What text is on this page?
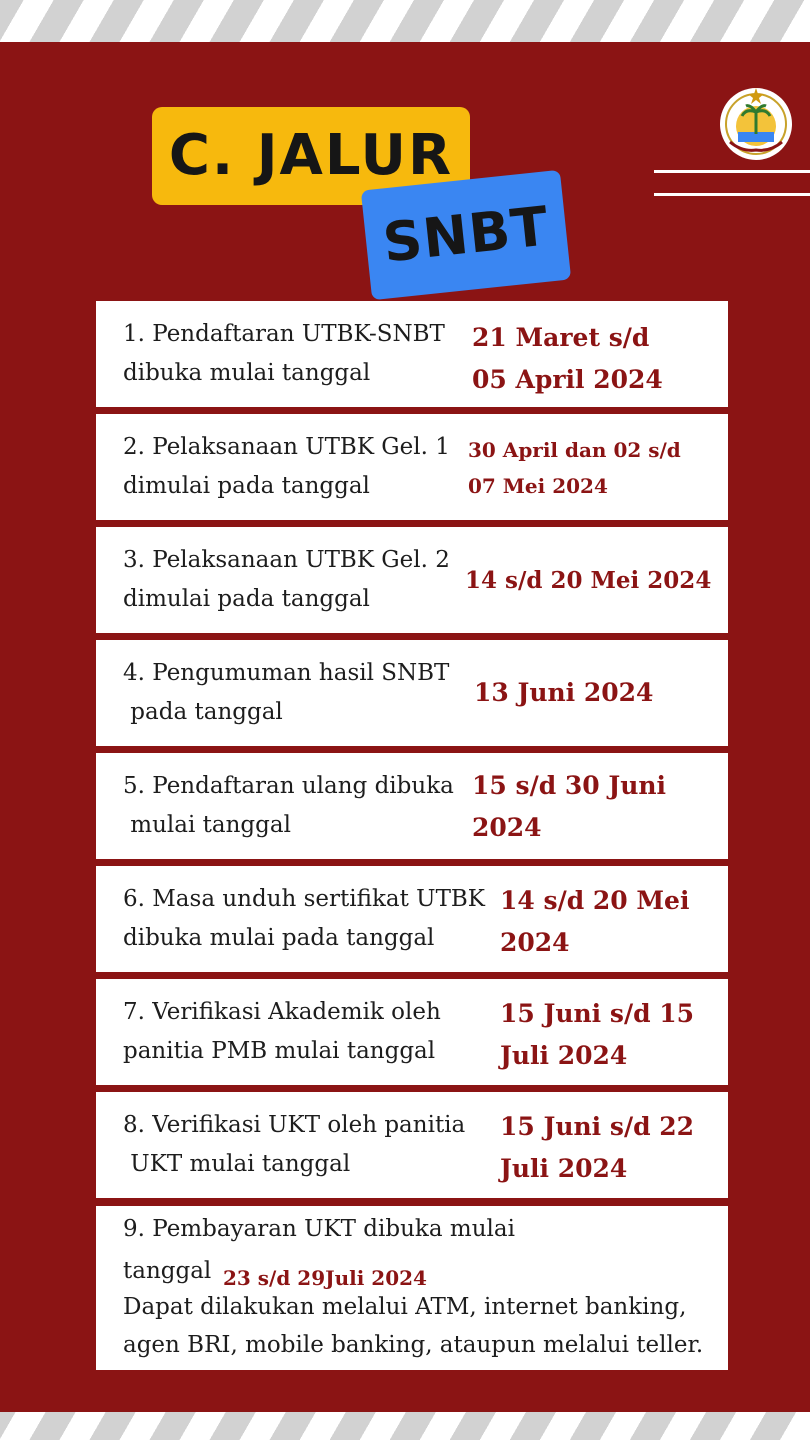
C. JALUR
SNBT
1. Pendaftaran UTBK-SNBT
dibuka mulai tanggal
21 Maret s/d
05 April 2024
2. Pelaksanaan UTBK Gel. 1
dimulai pada tanggal
30 April dan 02 s/d
07 Mei 2024
3. Pelaksanaan UTBK Gel. 2
dimulai pada tanggal
14 s/d 20 Mei 2024
4. Pengumuman hasil SNBT
pada tanggal
13 Juni 2024
5. Pendaftaran ulang dibuka
mulai tanggal
15 s/d 30 Juni
2024
6. Masa unduh sertifikat UTBK
dibuka mulai pada tanggal
14 s/d 20 Mei
2024
7. Verifikasi Akademik oleh
panitia PMB mulai tanggal
15 Juni s/d 15
Juli 2024
8. Verifikasi UKT oleh panitia
UKT mulai tanggal
15 Juni s/d 22
Juli 2024
9. Pembayaran UKT dibuka mulai
tanggal 23 s/d 29Juli 2024
Dapat dilakukan melalui ATM, internet banking,
agen BRI, mobile banking, ataupun melalui teller.
